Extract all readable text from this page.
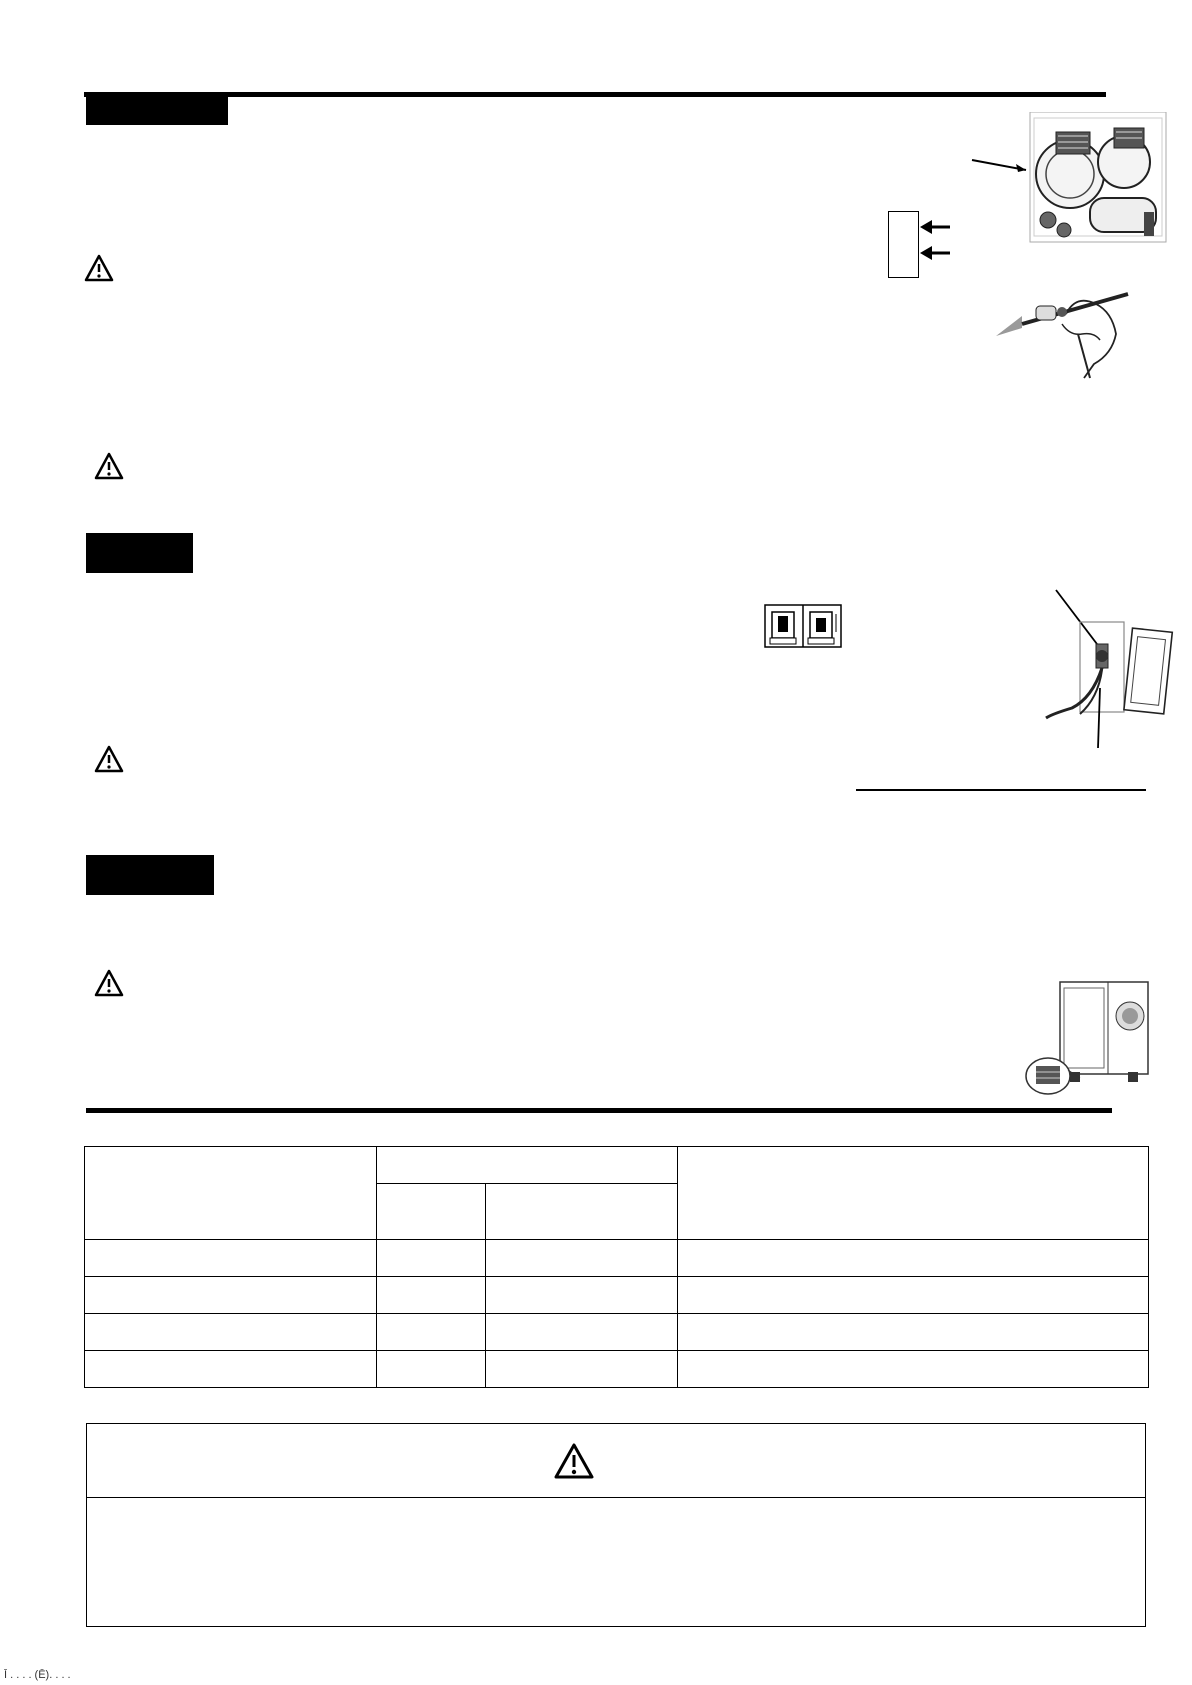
Ī . . . . (Ē). . . .
